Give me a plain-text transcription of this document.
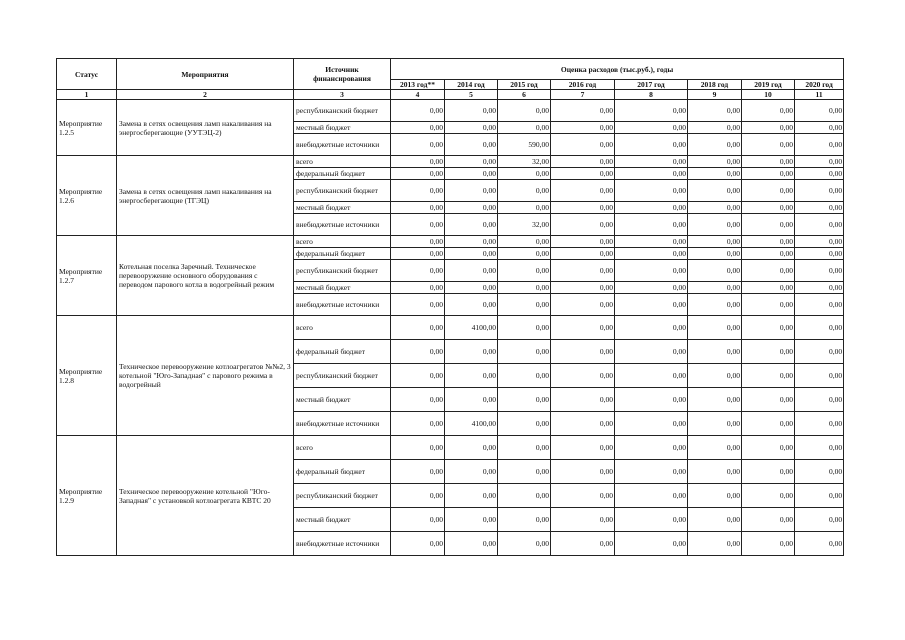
Статус	Мероприятия	Источник финансирования	Оценка расходов (тыс.руб.), годы							
			2013 год**	2014 год	2015 год	2016 год	2017 год	2018 год	2019 год	2020 год
1	2	3	4	5	6	7	8	9	10	11
Мероприятие 1.2.5	Замена в сетях освещения ламп накаливания на энергосберегающие (УУТЭЦ-2)	республиканский бюджет	0,00	0,00	0,00	0,00	0,00	0,00	0,00	0,00
		местный бюджет	0,00	0,00	0,00	0,00	0,00	0,00	0,00	0,00
		внебюджетные источники	0,00	0,00	590,00	0,00	0,00	0,00	0,00	0,00
Мероприятие 1.2.6	Замена в сетях освещения ламп накаливания на энергосберегающие (ТГЭЦ)	всего	0,00	0,00	32,00	0,00	0,00	0,00	0,00	0,00
		федеральный бюджет	0,00	0,00	0,00	0,00	0,00	0,00	0,00	0,00
		республиканский бюджет	0,00	0,00	0,00	0,00	0,00	0,00	0,00	0,00
		местный бюджет	0,00	0,00	0,00	0,00	0,00	0,00	0,00	0,00
		внебюджетные источники	0,00	0,00	32,00	0,00	0,00	0,00	0,00	0,00
Мероприятие 1.2.7	Котельная поселка Заречный. Техническое перевооружение основного оборудования с переводом парового котла в водогрейный режим	всего	0,00	0,00	0,00	0,00	0,00	0,00	0,00	0,00
		федеральный бюджет	0,00	0,00	0,00	0,00	0,00	0,00	0,00	0,00
		республиканский бюджет	0,00	0,00	0,00	0,00	0,00	0,00	0,00	0,00
		местный бюджет	0,00	0,00	0,00	0,00	0,00	0,00	0,00	0,00
		внебюджетные источники	0,00	0,00	0,00	0,00	0,00	0,00	0,00	0,00
Мероприятие 1.2.8	Техническое перевооружение котлоагрегатов №№2, 3 котельной "Юго-Западная" с парового режима в водогрейный	всего	0,00	4100,00	0,00	0,00	0,00	0,00	0,00	0,00
		федеральный бюджет	0,00	0,00	0,00	0,00	0,00	0,00	0,00	0,00
		республиканский бюджет	0,00	0,00	0,00	0,00	0,00	0,00	0,00	0,00
		местный бюджет	0,00	0,00	0,00	0,00	0,00	0,00	0,00	0,00
		внебюджетные источники	0,00	4100,00	0,00	0,00	0,00	0,00	0,00	0,00
Мероприятие 1.2.9	Техническое перевооружение котельной "Юго-Западная" с установкой котлоагрегата КВТС 20	всего	0,00	0,00	0,00	0,00	0,00	0,00	0,00	0,00
		федеральный бюджет	0,00	0,00	0,00	0,00	0,00	0,00	0,00	0,00
		республиканский бюджет	0,00	0,00	0,00	0,00	0,00	0,00	0,00	0,00
		местный бюджет	0,00	0,00	0,00	0,00	0,00	0,00	0,00	0,00
		внебюджетные источники	0,00	0,00	0,00	0,00	0,00	0,00	0,00	0,00
